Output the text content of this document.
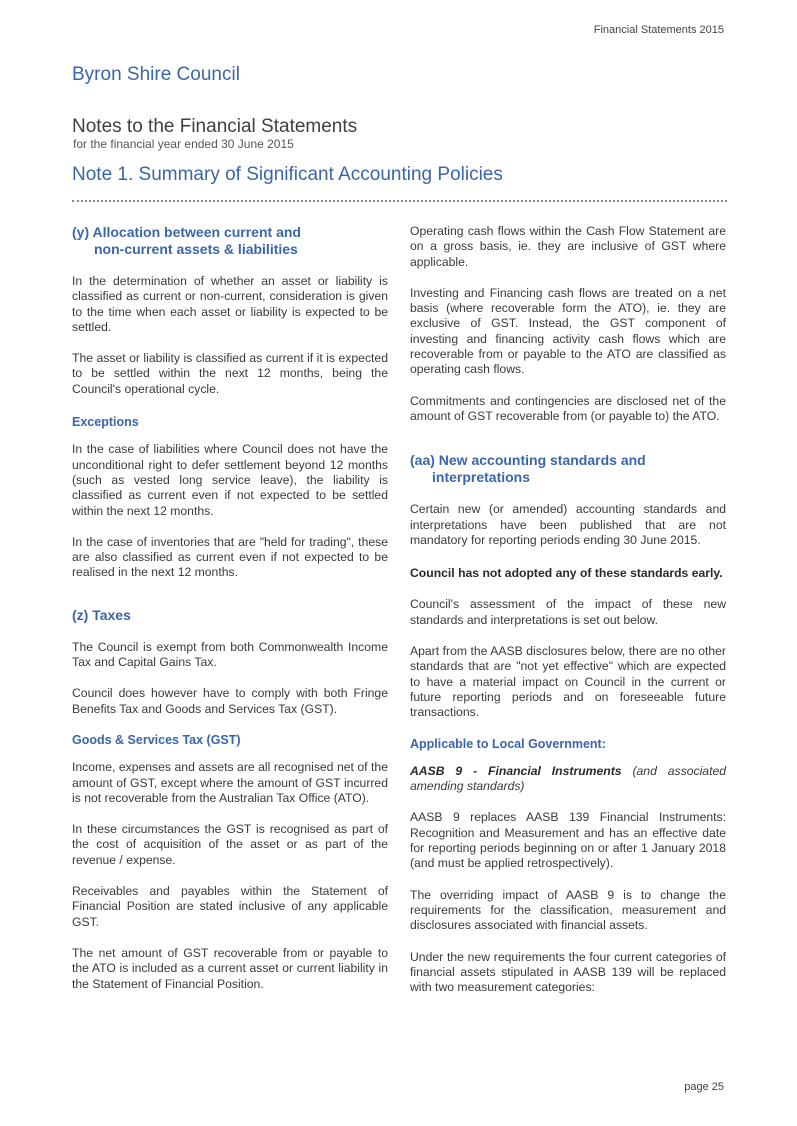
Financial Statements 2015
Byron Shire Council
Notes to the Financial Statements
for the financial year ended 30 June 2015
Note 1. Summary of Significant Accounting Policies
(y) Allocation between current and
non-current assets & liabilities

In the determination of whether an asset or liability is classified as current or non-current, consideration is given to the time when each asset or liability is expected to be settled.

The asset or liability is classified as current if it is expected to be settled within the next 12 months, being the Council's operational cycle.

Exceptions

In the case of liabilities where Council does not have the unconditional right to defer settlement beyond 12 months (such as vested long service leave), the liability is classified as current even if not expected to be settled within the next 12 months.

In the case of inventories that are "held for trading", these are also classified as current even if not expected to be realised in the next 12 months.

(z) Taxes

The Council is exempt from both Commonwealth Income Tax and Capital Gains Tax.

Council does however have to comply with both Fringe Benefits Tax and Goods and Services Tax (GST).

Goods & Services Tax (GST)

Income, expenses and assets are all recognised net of the amount of GST, except where the amount of GST incurred is not recoverable from the Australian Tax Office (ATO).

In these circumstances the GST is recognised as part of the cost of acquisition of the asset or as part of the revenue / expense.

Receivables and payables within the Statement of Financial Position are stated inclusive of any applicable GST.

The net amount of GST recoverable from or payable to the ATO is included as a current asset or current liability in the Statement of Financial Position.

Operating cash flows within the Cash Flow Statement are on a gross basis, ie. they are inclusive of GST where applicable.

Investing and Financing cash flows are treated on a net basis (where recoverable form the ATO), ie. they are exclusive of GST. Instead, the GST component of investing and financing activity cash flows which are recoverable from or payable to the ATO are classified as operating cash flows.

Commitments and contingencies are disclosed net of the amount of GST recoverable from (or payable to) the ATO.

(aa) New accounting standards and
interpretations

Certain new (or amended) accounting standards and interpretations have been published that are not mandatory for reporting periods ending 30 June 2015.

Council has not adopted any of these standards early.

Council's assessment of the impact of these new standards and interpretations is set out below.

Apart from the AASB disclosures below, there are no other standards that are "not yet effective" which are expected to have a material impact on Council in the current or future reporting periods and on foreseeable future transactions.

Applicable to Local Government:

AASB 9 - Financial Instruments (and associated amending standards)

AASB 9 replaces AASB 139 Financial Instruments: Recognition and Measurement and has an effective date for reporting periods beginning on or after 1 January 2018 (and must be applied retrospectively).

The overriding impact of AASB 9 is to change the requirements for the classification, measurement and disclosures associated with financial assets.

Under the new requirements the four current categories of financial assets stipulated in AASB 139 will be replaced with two measurement categories:

page 25
